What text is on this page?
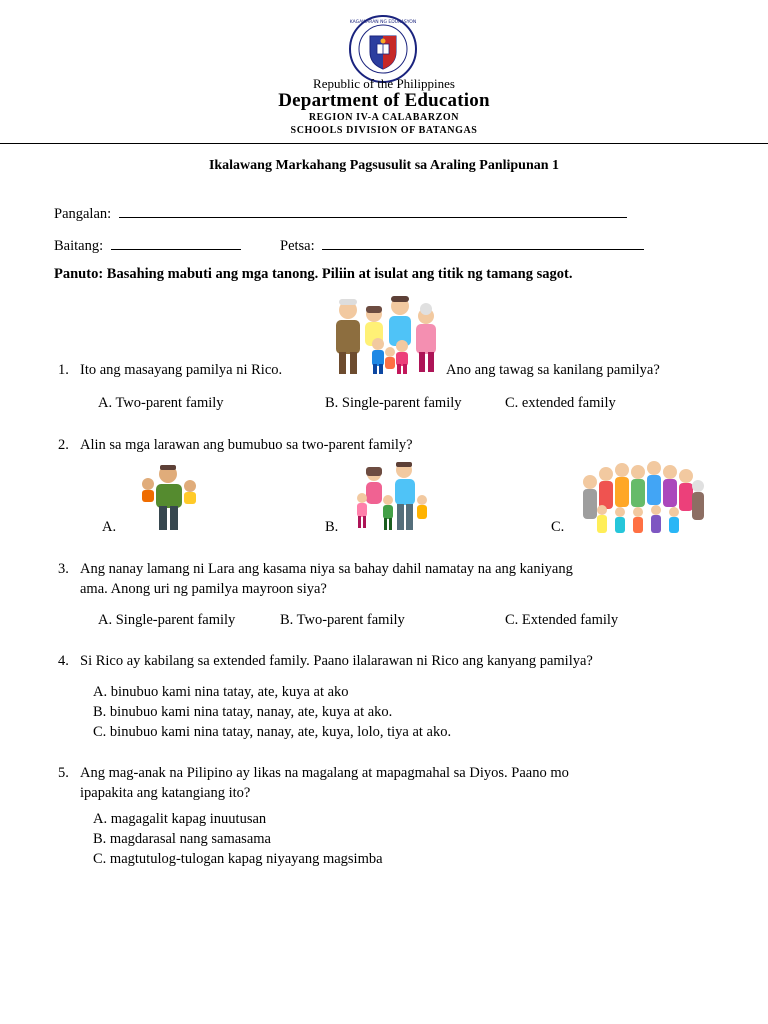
KAGAWARAN NG EDUKASYON
Republic of the Philippines
Department of Education
REGION IV-A CALABARZON
SCHOOLS DIVISION OF BATANGAS
Ikalawang Markahang Pagsusulit sa Araling Panlipunan 1
Pangalan:
Baitang:	Petsa:
Panuto: Basahing mabuti ang mga tanong. Piliin at isulat ang titik ng tamang sagot.
1. Ito ang masayang pamilya ni Rico.	Ano ang tawag sa kanilang pamilya?
A. Two-parent family	B. Single-parent family	C. extended family
2. Alin sa mga larawan ang bumubuo sa two-parent family?
A.	B.	C.
3. Ang nanay lamang ni Lara ang kasama niya sa bahay dahil namatay na ang kaniyang
ama. Anong uri ng pamilya mayroon siya?
A. Single-parent family	B. Two-parent family	C. Extended family
4. Si Rico ay kabilang sa extended family. Paano ilalarawan ni Rico ang kanyang pamilya?
A. binubuo kami nina tatay, ate, kuya at ako
B. binubuo kami nina tatay, nanay, ate, kuya at ako.
C. binubuo kami nina tatay, nanay, ate, kuya, lolo, tiya at ako.
5. Ang mag-anak na Pilipino ay likas na magalang at mapagmahal sa Diyos. Paano mo
ipapakita ang katangiang ito?
A. magagalit kapag inuutusan
B. magdarasal nang samasama
C. magtutulog-tulogan kapag niyayang magsimba
